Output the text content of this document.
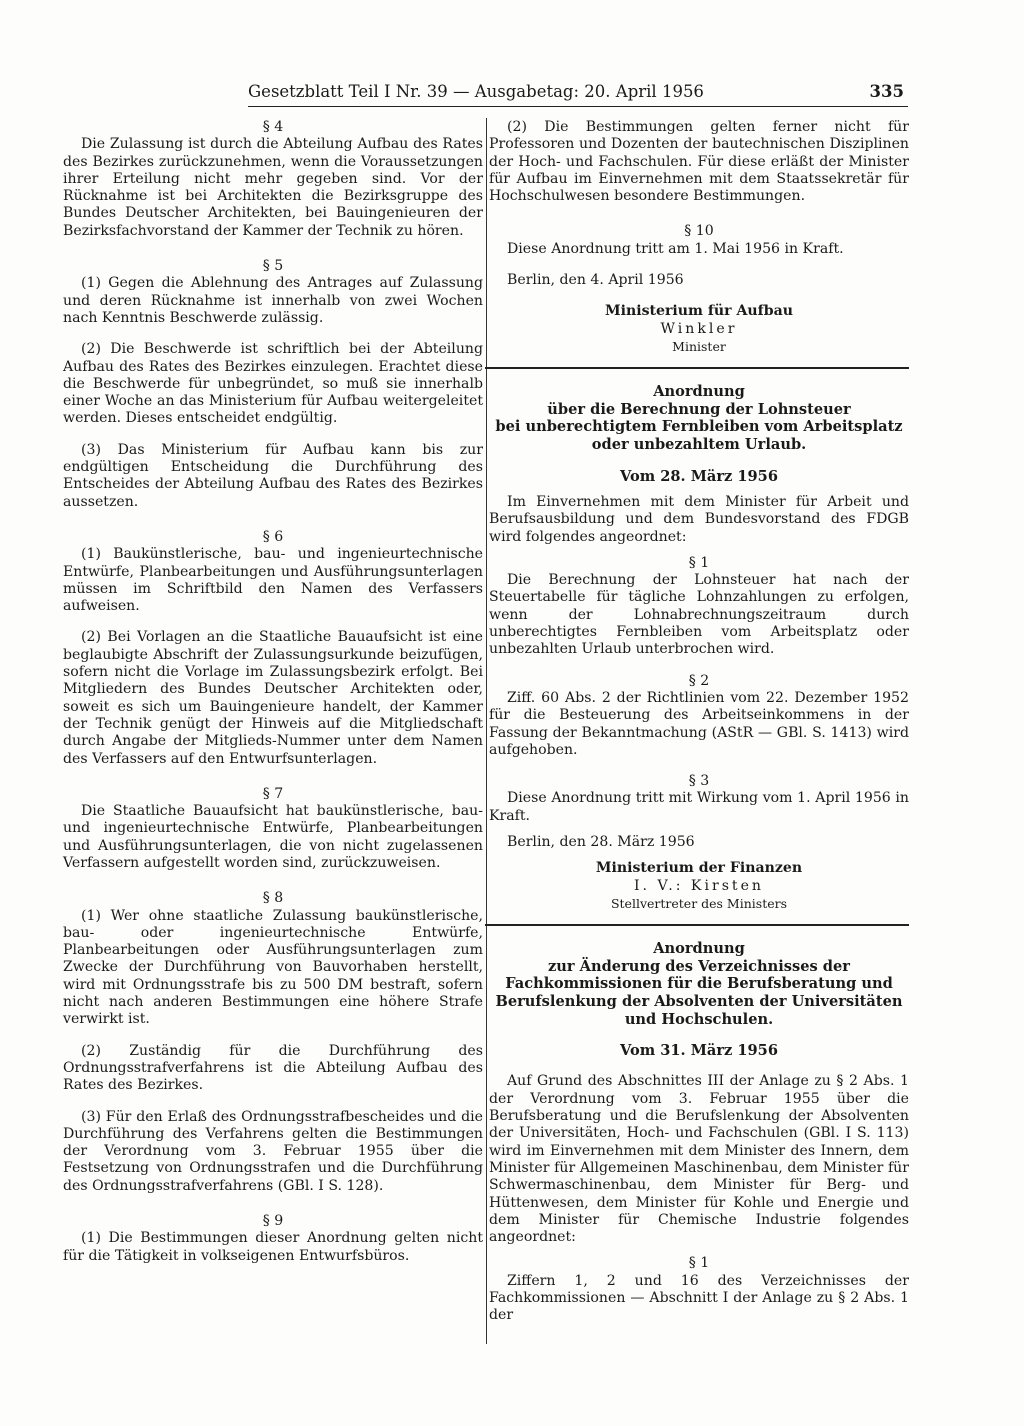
Gesetzblatt Teil I Nr. 39 — Ausgabetag: 20. April 1956	335

§ 4

Die Zulassung ist durch die Abteilung Aufbau des Rates des Bezirkes zurückzunehmen, wenn die Voraussetzungen ihrer Erteilung nicht mehr gegeben sind. Vor der Rücknahme ist bei Architekten die Bezirksgruppe des Bundes Deutscher Architekten, bei Bauingenieuren der Bezirksfachvorstand der Kammer der Technik zu hören.

§ 5

(1) Gegen die Ablehnung des Antrages auf Zulassung und deren Rücknahme ist innerhalb von zwei Wochen nach Kenntnis Beschwerde zulässig.

(2) Die Beschwerde ist schriftlich bei der Abteilung Aufbau des Rates des Bezirkes einzulegen. Erachtet diese die Beschwerde für unbegründet, so muß sie innerhalb einer Woche an das Ministerium für Aufbau weitergeleitet werden. Dieses entscheidet endgültig.

(3) Das Ministerium für Aufbau kann bis zur endgültigen Entscheidung die Durchführung des Entscheides der Abteilung Aufbau des Rates des Bezirkes aussetzen.

§ 6

(1) Baukünstlerische, bau- und ingenieurtechnische Entwürfe, Planbearbeitungen und Ausführungsunterlagen müssen im Schriftbild den Namen des Verfassers aufweisen.

(2) Bei Vorlagen an die Staatliche Bauaufsicht ist eine beglaubigte Abschrift der Zulassungsurkunde beizufügen, sofern nicht die Vorlage im Zulassungsbezirk erfolgt. Bei Mitgliedern des Bundes Deutscher Architekten oder, soweit es sich um Bauingenieure handelt, der Kammer der Technik genügt der Hinweis auf die Mitgliedschaft durch Angabe der Mitglieds-Nummer unter dem Namen des Verfassers auf den Entwurfsunterlagen.

§ 7

Die Staatliche Bauaufsicht hat baukünstlerische, bau- und ingenieurtechnische Entwürfe, Planbearbeitungen und Ausführungsunterlagen, die von nicht zugelassenen Verfassern aufgestellt worden sind, zurückzuweisen.

§ 8

(1) Wer ohne staatliche Zulassung baukünstlerische, bau- oder ingenieurtechnische Entwürfe, Planbearbeitungen oder Ausführungsunterlagen zum Zwecke der Durchführung von Bauvorhaben herstellt, wird mit Ordnungsstrafe bis zu 500 DM bestraft, sofern nicht nach anderen Bestimmungen eine höhere Strafe verwirkt ist.

(2) Zuständig für die Durchführung des Ordnungsstrafverfahrens ist die Abteilung Aufbau des Rates des Bezirkes.

(3) Für den Erlaß des Ordnungsstrafbescheides und die Durchführung des Verfahrens gelten die Bestimmungen der Verordnung vom 3. Februar 1955 über die Festsetzung von Ordnungsstrafen und die Durchführung des Ordnungsstrafverfahrens (GBl. I S. 128).

§ 9

(1) Die Bestimmungen dieser Anordnung gelten nicht für die Tätigkeit in volkseigenen Entwurfsbüros.

(2) Die Bestimmungen gelten ferner nicht für Professoren und Dozenten der bautechnischen Disziplinen der Hoch- und Fachschulen. Für diese erläßt der Minister für Aufbau im Einvernehmen mit dem Staatssekretär für Hochschulwesen besondere Bestimmungen.

§ 10

Diese Anordnung tritt am 1. Mai 1956 in Kraft.

Berlin, den 4. April 1956

Ministerium für Aufbau

Winkler

Minister

Anordnung

über die Berechnung der Lohnsteuer

bei unberechtigtem Fernbleiben vom Arbeitsplatz

oder unbezahltem Urlaub.

Vom 28. März 1956

Im Einvernehmen mit dem Minister für Arbeit und Berufsausbildung und dem Bundesvorstand des FDGB wird folgendes angeordnet:

§ 1

Die Berechnung der Lohnsteuer hat nach der Steuertabelle für tägliche Lohnzahlungen zu erfolgen, wenn der Lohnabrechnungszeitraum durch unberechtigtes Fernbleiben vom Arbeitsplatz oder unbezahlten Urlaub unterbrochen wird.

§ 2

Ziff. 60 Abs. 2 der Richtlinien vom 22. Dezember 1952 für die Besteuerung des Arbeitseinkommens in der Fassung der Bekanntmachung (AStR — GBl. S. 1413) wird aufgehoben.

§ 3

Diese Anordnung tritt mit Wirkung vom 1. April 1956 in Kraft.

Berlin, den 28. März 1956

Ministerium der Finanzen

I. V.: Kirsten

Stellvertreter des Ministers

Anordnung

zur Änderung des Verzeichnisses der Fachkommissionen für die Berufsberatung und Berufslenkung der Absolventen der Universitäten und Hochschulen.

Vom 31. März 1956

Auf Grund des Abschnittes III der Anlage zu § 2 Abs. 1 der Verordnung vom 3. Februar 1955 über die Berufsberatung und die Berufslenkung der Absolventen der Universitäten, Hoch- und Fachschulen (GBl. I S. 113) wird im Einvernehmen mit dem Minister des Innern, dem Minister für Allgemeinen Maschinenbau, dem Minister für Schwermaschinenbau, dem Minister für Berg- und Hüttenwesen, dem Minister für Kohle und Energie und dem Minister für Chemische Industrie folgendes angeordnet:

§ 1

Ziffern 1, 2 und 16 des Verzeichnisses der Fachkommissionen — Abschnitt I der Anlage zu § 2 Abs. 1 der
